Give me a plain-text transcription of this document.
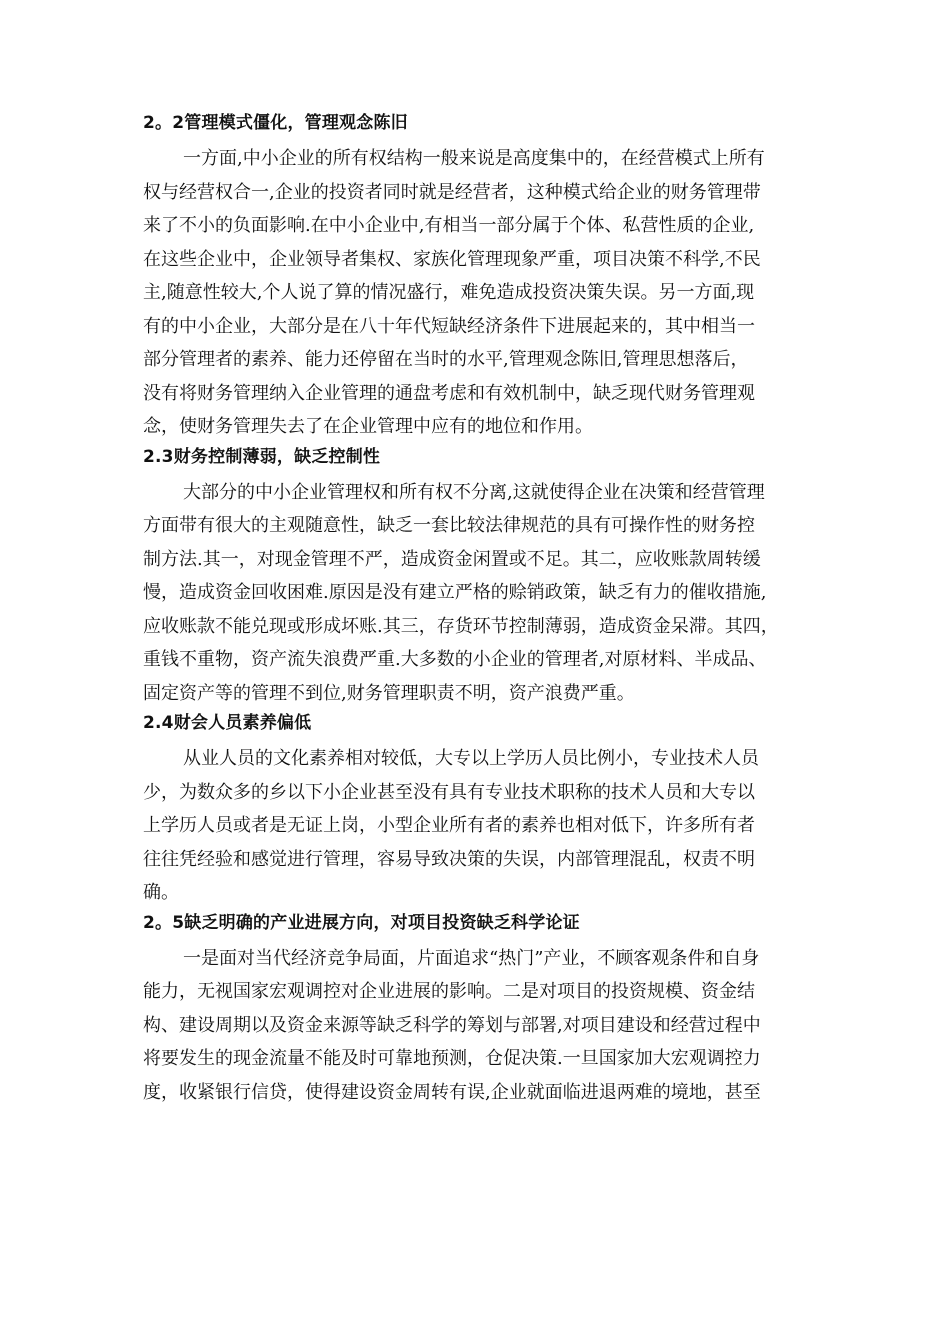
2。2管理模式僵化，管理观念陈旧
一方面,中小企业的所有权结构一般来说是高度集中的，在经营模式上所有
权与经营权合一,企业的投资者同时就是经营者，这种模式给企业的财务管理带
来了不小的负面影响.在中小企业中,有相当一部分属于个体、私营性质的企业,
在这些企业中，企业领导者集权、家族化管理现象严重，项目决策不科学,不民
主,随意性较大,个人说了算的情况盛行，难免造成投资决策失误。另一方面,现
有的中小企业，大部分是在八十年代短缺经济条件下进展起来的，其中相当一
部分管理者的素养、能力还停留在当时的水平,管理观念陈旧,管理思想落后，
没有将财务管理纳入企业管理的通盘考虑和有效机制中，缺乏现代财务管理观
念，使财务管理失去了在企业管理中应有的地位和作用。
2.3财务控制薄弱，缺乏控制性
大部分的中小企业管理权和所有权不分离,这就使得企业在决策和经营管理
方面带有很大的主观随意性，缺乏一套比较法律规范的具有可操作性的财务控
制方法.其一，对现金管理不严，造成资金闲置或不足。其二，应收账款周转缓
慢，造成资金回收困难.原因是没有建立严格的赊销政策，缺乏有力的催收措施,
应收账款不能兑现或形成坏账.其三，存货环节控制薄弱，造成资金呆滞。其四，
重钱不重物，资产流失浪费严重.大多数的小企业的管理者,对原材料、半成品、
固定资产等的管理不到位,财务管理职责不明，资产浪费严重。
2.4财会人员素养偏低
从业人员的文化素养相对较低，大专以上学历人员比例小，专业技术人员
少，为数众多的乡以下小企业甚至没有具有专业技术职称的技术人员和大专以
上学历人员或者是无证上岗，小型企业所有者的素养也相对低下，许多所有者
往往凭经验和感觉进行管理，容易导致决策的失误，内部管理混乱，权责不明
确。
2。5缺乏明确的产业进展方向，对项目投资缺乏科学论证
一是面对当代经济竞争局面，片面追求“热门”产业，不顾客观条件和自身
能力，无视国家宏观调控对企业进展的影响。二是对项目的投资规模、资金结
构、建设周期以及资金来源等缺乏科学的筹划与部署,对项目建设和经营过程中
将要发生的现金流量不能及时可靠地预测，仓促决策.一旦国家加大宏观调控力
度，收紧银行信贷，使得建设资金周转有误,企业就面临进退两难的境地，甚至
